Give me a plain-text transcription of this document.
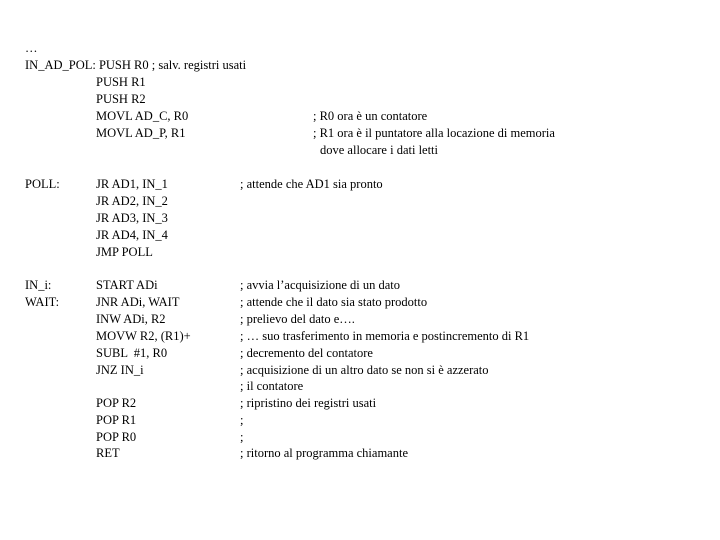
…
IN_AD_POL: PUSH R0 ; salv. registri usati
PUSH R1
PUSH R2
MOVL AD_C, R0
MOVL AD_P, R1
; R0 ora è un contatore
; R1 ora è il puntatore alla locazione di memoria
dove allocare i dati letti
POLL:	JR AD1, IN_1
JR AD2, IN_2
JR AD3, IN_3
JR AD4, IN_4
JMP POLL
; attende che AD1 sia pronto
IN_i:
WAIT:
START ADi
JNR ADi, WAIT
INW ADi, R2
MOVW R2, (R1)+
SUBL  #1, R0
JNZ IN_i
; avvia l’acquisizione di un dato
; attende che il dato sia stato prodotto
; prelievo del dato e….
; … suo trasferimento in memoria e postincremento di R1
; decremento del contatore
; acquisizione di un altro dato se non si è azzerato
; il contatore
; ripristino dei registri usati
;
;
; ritorno al programma chiamante
POP R2
POP R1
POP R0
RET
